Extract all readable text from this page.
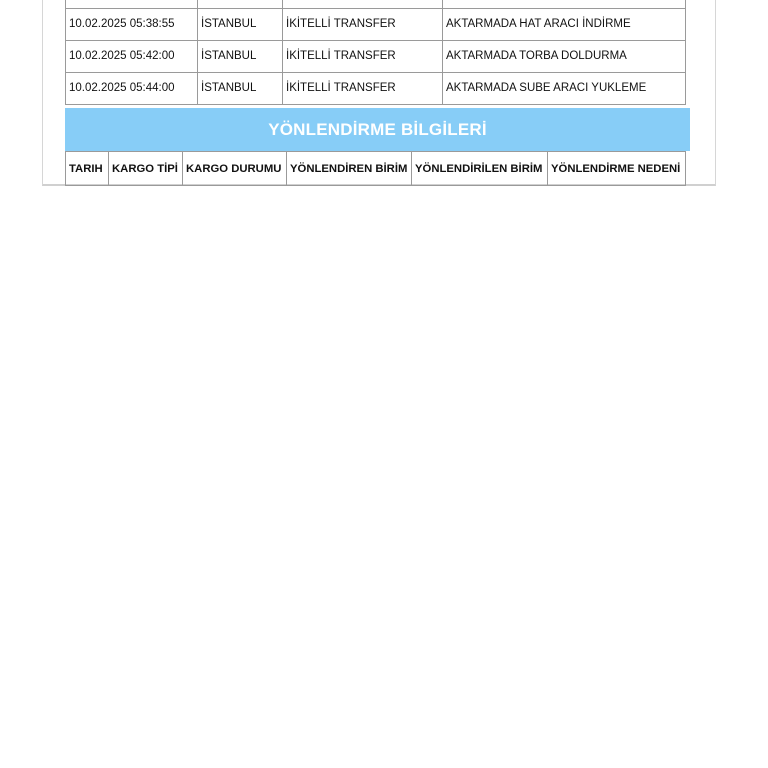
10.02.2025 05:38:55	İSTANBUL	İKİTELLİ TRANSFER	AKTARMADA HAT ARACI İNDİRME
10.02.2025 05:42:00	İSTANBUL	İKİTELLİ TRANSFER	AKTARMADA TORBA DOLDURMA
10.02.2025 05:44:00	İSTANBUL	İKİTELLİ TRANSFER	AKTARMADA SUBE ARACI YUKLEME
YÖNLENDİRME BİLGİLERİ
TARIH	KARGO TİPİ	KARGO DURUMU	YÖNLENDİREN BİRİM	YÖNLENDİRİLEN BİRİM	YÖNLENDİRME NEDENİ
